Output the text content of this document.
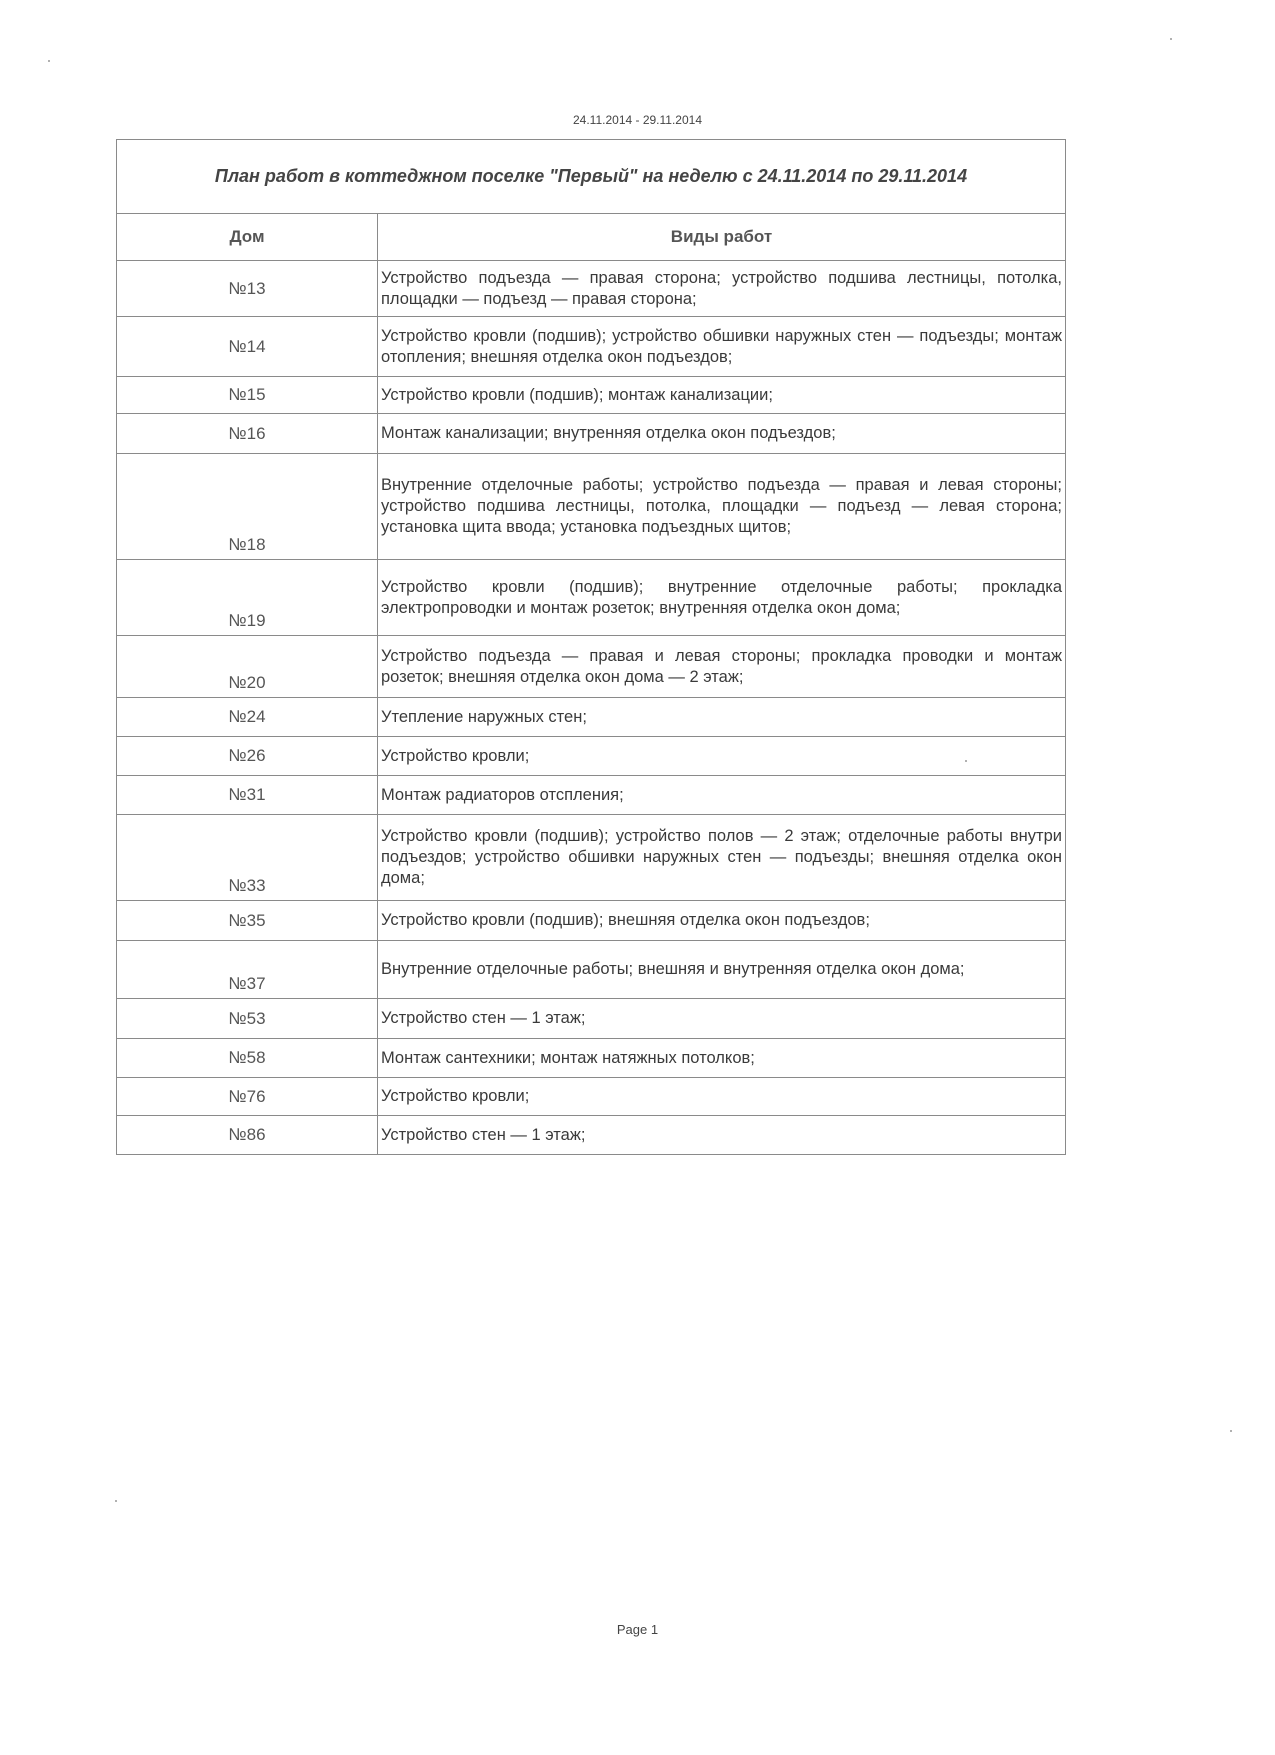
24.11.2014 - 29.11.2014
План работ в коттеджном поселке "Первый" на неделю с 24.11.2014 по 29.11.2014	
Дом	Виды работ
№13	Устройство подъезда — правая сторона; устройство подшива лестницы, потолка, площадки — подъезд — правая сторона;
№14	Устройство кровли (подшив); устройство обшивки наружных стен — подъезды; монтаж отопления; внешняя отделка окон подъездов;
№15	Устройство кровли (подшив); монтаж канализации;
№16	Монтаж канализации; внутренняя отделка окон подъездов;
№18	Внутренние отделочные работы; устройство подъезда — правая и левая стороны; устройство подшива лестницы, потолка, площадки — подъезд — левая сторона; установка щита ввода; установка подъездных щитов;
№19	Устройство кровли (подшив); внутренние отделочные работы; прокладка электропроводки и монтаж розеток; внутренняя отделка окон дома;
№20	Устройство подъезда — правая и левая стороны; прокладка проводки и монтаж розеток; внешняя отделка окон дома — 2 этаж;
№24	Утепление наружных стен;
№26	Устройство кровли;
№31	Монтаж радиаторов отспления;
№33	Устройство кровли (подшив); устройство полов — 2 этаж; отделочные работы внутри подъездов; устройство обшивки наружных стен — подъезды; внешняя отделка окон дома;
№35	Устройство кровли (подшив); внешняя отделка окон подъездов;
№37	Внутренние отделочные работы; внешняя и внутренняя отделка окон дома;
№53	Устройство стен — 1 этаж;
№58	Монтаж сантехники; монтаж натяжных потолков;
№76	Устройство кровли;
№86	Устройство стен — 1 этаж;
Page 1
